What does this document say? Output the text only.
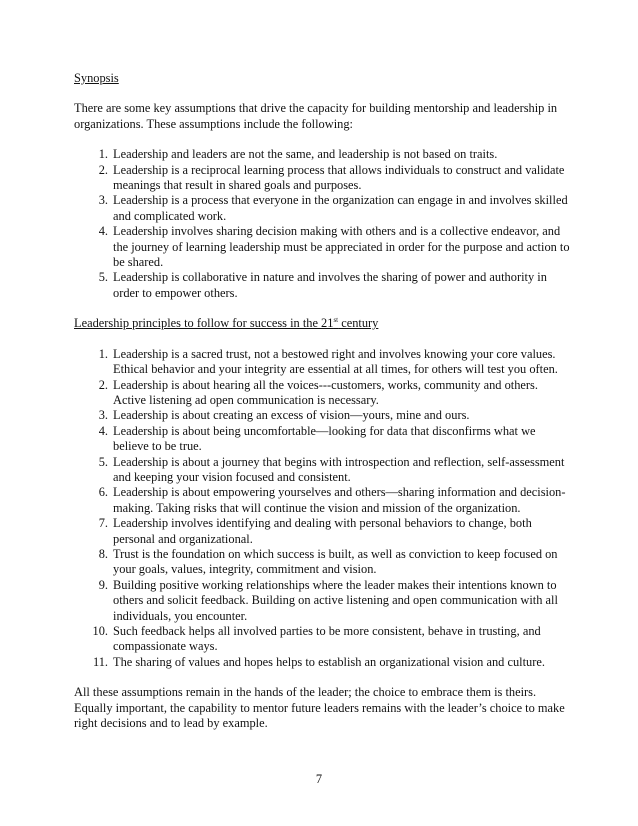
Synopsis

There are some key assumptions that drive the capacity for building mentorship and leadership in organizations. These assumptions include the following:

1. Leadership and leaders are not the same, and leadership is not based on traits.
2. Leadership is a reciprocal learning process that allows individuals to construct and validate meanings that result in shared goals and purposes.
3. Leadership is a process that everyone in the organization can engage in and involves skilled and complicated work.
4. Leadership involves sharing decision making with others and is a collective endeavor, and the journey of learning leadership must be appreciated in order for the purpose and action to be shared.
5. Leadership is collaborative in nature and involves the sharing of power and authority in order to empower others.

Leadership principles to follow for success in the 21st century

1. Leadership is a sacred trust, not a bestowed right and involves knowing your core values. Ethical behavior and your integrity are essential at all times, for others will test you often.
2. Leadership is about hearing all the voices---customers, works, community and others. Active listening ad open communication is necessary.
3. Leadership is about creating an excess of vision—yours, mine and ours.
4. Leadership is about being uncomfortable—looking for data that disconfirms what we believe to be true.
5. Leadership is about a journey that begins with introspection and reflection, self-assessment and keeping your vision focused and consistent.
6. Leadership is about empowering yourselves and others—sharing information and decision-making. Taking risks that will continue the vision and mission of the organization.
7. Leadership involves identifying and dealing with personal behaviors to change, both personal and organizational.
8. Trust is the foundation on which success is built, as well as conviction to keep focused on your goals, values, integrity, commitment and vision.
9. Building positive working relationships where the leader makes their intentions known to others and solicit feedback. Building on active listening and open communication with all individuals, you encounter.
10. Such feedback helps all involved parties to be more consistent, behave in trusting, and compassionate ways.
11. The sharing of values and hopes helps to establish an organizational vision and culture.

All these assumptions remain in the hands of the leader; the choice to embrace them is theirs. Equally important, the capability to mentor future leaders remains with the leader’s choice to make right decisions and to lead by example.

7
